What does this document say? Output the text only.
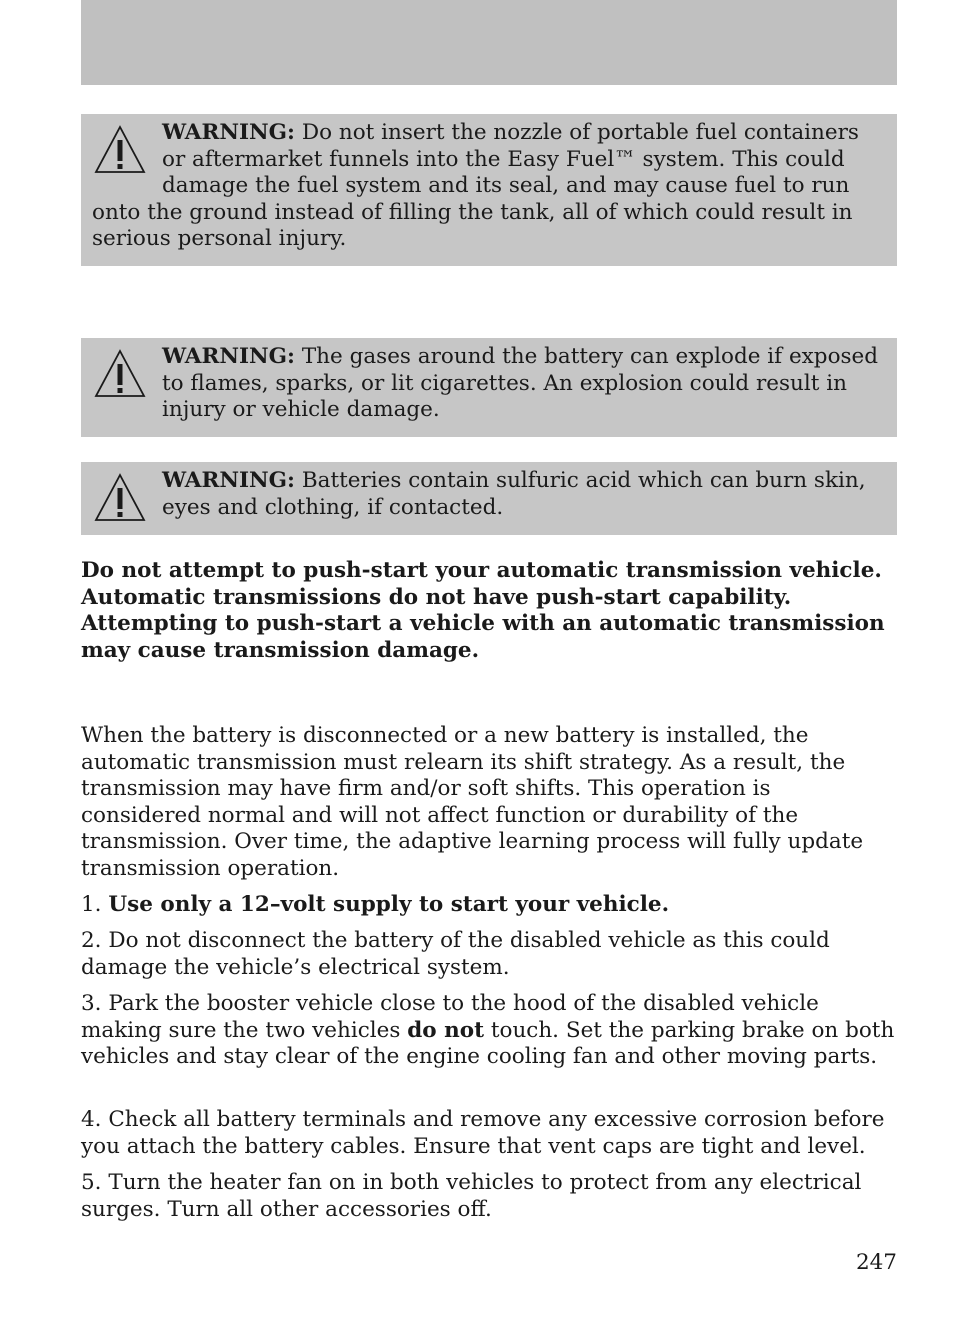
WARNING: Do not insert the nozzle of portable fuel containers or aftermarket funnels into the Easy Fuel™ system. This could damage the fuel system and its seal, and may cause fuel to run onto the ground instead of filling the tank, all of which could result in serious personal injury.

WARNING: The gases around the battery can explode if exposed to flames, sparks, or lit cigarettes. An explosion could result in injury or vehicle damage.

WARNING: Batteries contain sulfuric acid which can burn skin, eyes and clothing, if contacted.

Do not attempt to push-start your automatic transmission vehicle. Automatic transmissions do not have push-start capability. Attempting to push-start a vehicle with an automatic transmission may cause transmission damage.

When the battery is disconnected or a new battery is installed, the automatic transmission must relearn its shift strategy. As a result, the transmission may have firm and/or soft shifts. This operation is considered normal and will not affect function or durability of the transmission. Over time, the adaptive learning process will fully update transmission operation.

1. Use only a 12–volt supply to start your vehicle.

2. Do not disconnect the battery of the disabled vehicle as this could damage the vehicle’s electrical system.

3. Park the booster vehicle close to the hood of the disabled vehicle making sure the two vehicles do not touch. Set the parking brake on both vehicles and stay clear of the engine cooling fan and other moving parts.

4. Check all battery terminals and remove any excessive corrosion before you attach the battery cables. Ensure that vent caps are tight and level.

5. Turn the heater fan on in both vehicles to protect from any electrical surges. Turn all other accessories off.

247
